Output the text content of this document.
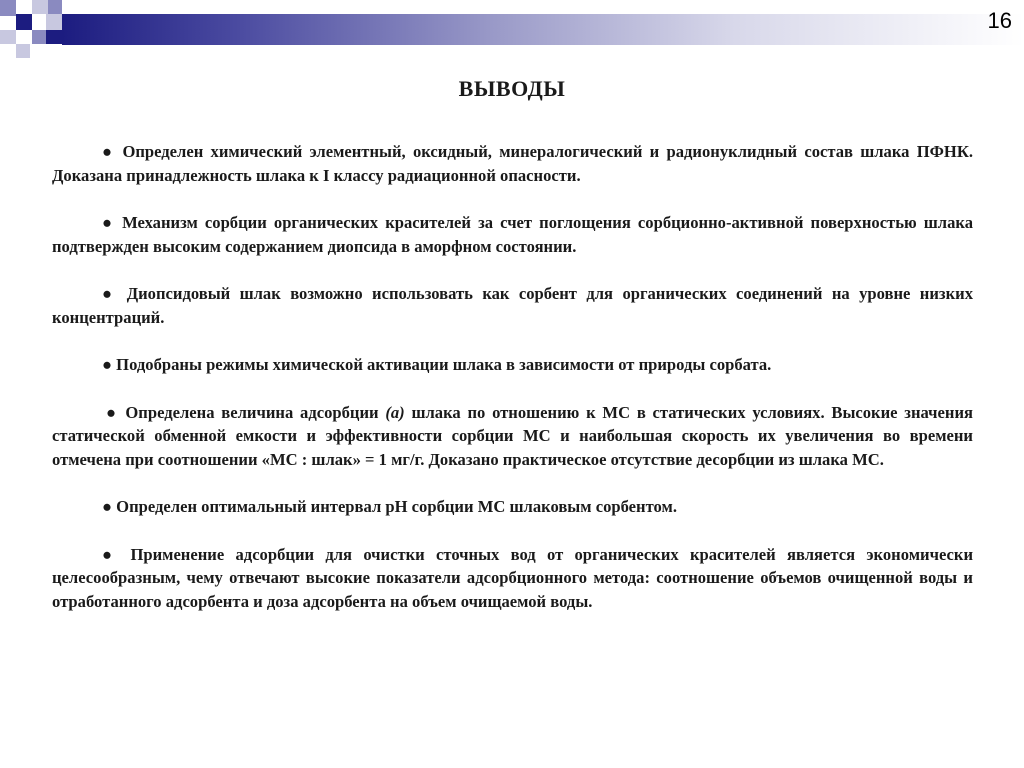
16
ВЫВОДЫ

● Определен химический элементный, оксидный, минералогический и радионуклидный состав шлака ПФНК. Доказана принадлежность шлака к I классу радиационной опасности.

● Механизм сорбции органических красителей за счет поглощения сорбционно-активной поверхностью шлака подтвержден высоким содержанием диопсида в аморфном состоянии.

● Диопсидовый шлак возможно использовать как сорбент для органических соединений на уровне низких концентраций.

● Подобраны режимы химической активации шлака в зависимости от природы сорбата.

● Определена величина адсорбции (а) шлака по отношению к МС в статических условиях. Высокие значения статической обменной емкости и эффективности сорбции МС и наибольшая скорость их увеличения во времени отмечена при соотношении «МС : шлак» = 1 мг/г. Доказано практическое отсутствие десорбции из шлака МС.

● Определен оптимальный интервал рН сорбции МС шлаковым сорбентом.

● Применение адсорбции для очистки сточных вод от органических красителей является экономически целесообразным, чему отвечают высокие показатели адсорбционного метода: соотношение объемов очищенной воды и отработанного адсорбента и доза адсорбента на объем очищаемой воды.
